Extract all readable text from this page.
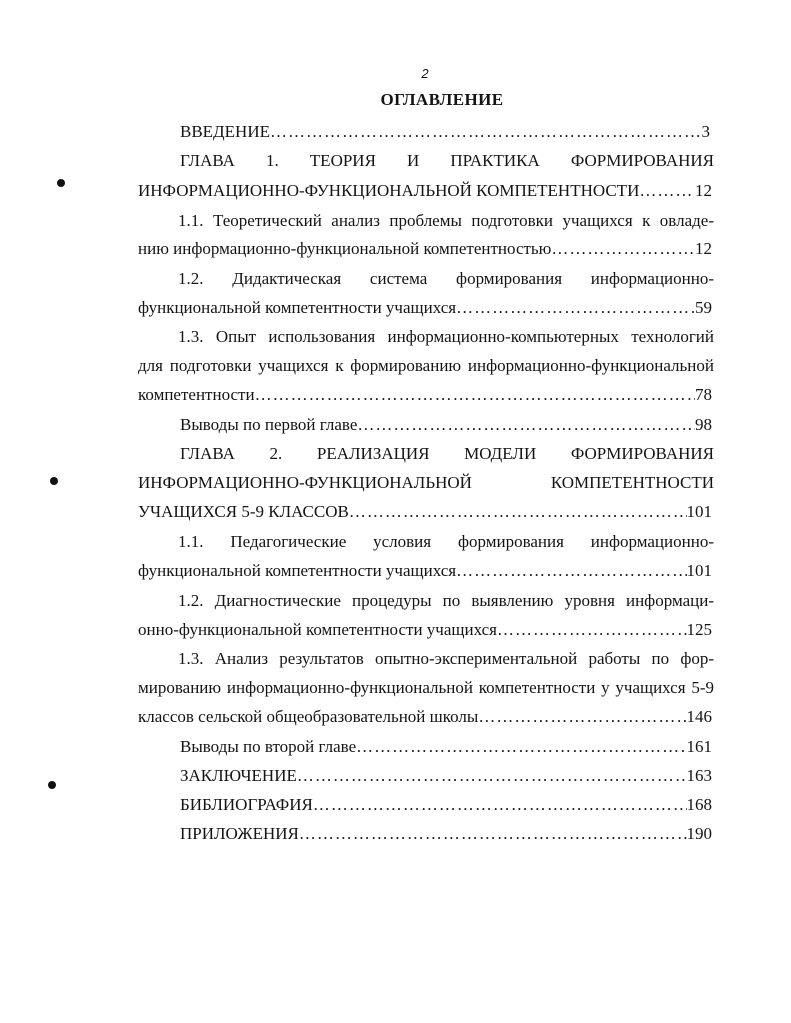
2
ОГЛАВЛЕНИЕ
ВВЕДЕНИЕ …………………………………………………………………………………………………………………………………………	3
ГЛАВА 1. ТЕОРИЯ И ПРАКТИКА ФОРМИРОВАНИЯ
ИНФОРМАЦИОННО-ФУНКЦИОНАЛЬНОЙ КОМПЕТЕНТНОСТИ …………………………………………………………………………………………………………………………………………	12
1.1. Теоретический анализ проблемы подготовки учащихся к овладе-
нию информационно-функциональной компетентностью …………………………………………………………………………………………………………………………………………	12
1.2. Дидактическая система формирования информационно-
функциональной компетентности учащихся …………………………………………………………………………………………………………………………………………	59
1.3. Опыт использования информационно-компьютерных технологий
для подготовки учащихся к формированию информационно-функциональной
компетентности …………………………………………………………………………………………………………………………………………	78
Выводы по первой главе …………………………………………………………………………………………………………………………………………	98
ГЛАВА 2. РЕАЛИЗАЦИЯ МОДЕЛИ ФОРМИРОВАНИЯ
ИНФОРМАЦИОННО-ФУНКЦИОНАЛЬНОЙ КОМПЕТЕНТНОСТИ
УЧАЩИХСЯ 5-9 КЛАССОВ …………………………………………………………………………………………………………………………………………	101
1.1. Педагогические условия формирования информационно-
функциональной компетентности учащихся …………………………………………………………………………………………………………………………………………	101
1.2. Диагностические процедуры по выявлению уровня информаци-
онно-функциональной компетентности учащихся …………………………………………………………………………………………………………………………………………	125
1.3. Анализ результатов опытно-экспериментальной работы по фор-
мированию информационно-функциональной компетентности у учащихся 5-9
классов сельской общеобразовательной школы …………………………………………………………………………………………………………………………………………	146
Выводы по второй главе …………………………………………………………………………………………………………………………………………	161
ЗАКЛЮЧЕНИЕ …………………………………………………………………………………………………………………………………………	163
БИБЛИОГРАФИЯ …………………………………………………………………………………………………………………………………………	168
ПРИЛОЖЕНИЯ …………………………………………………………………………………………………………………………………………	190
